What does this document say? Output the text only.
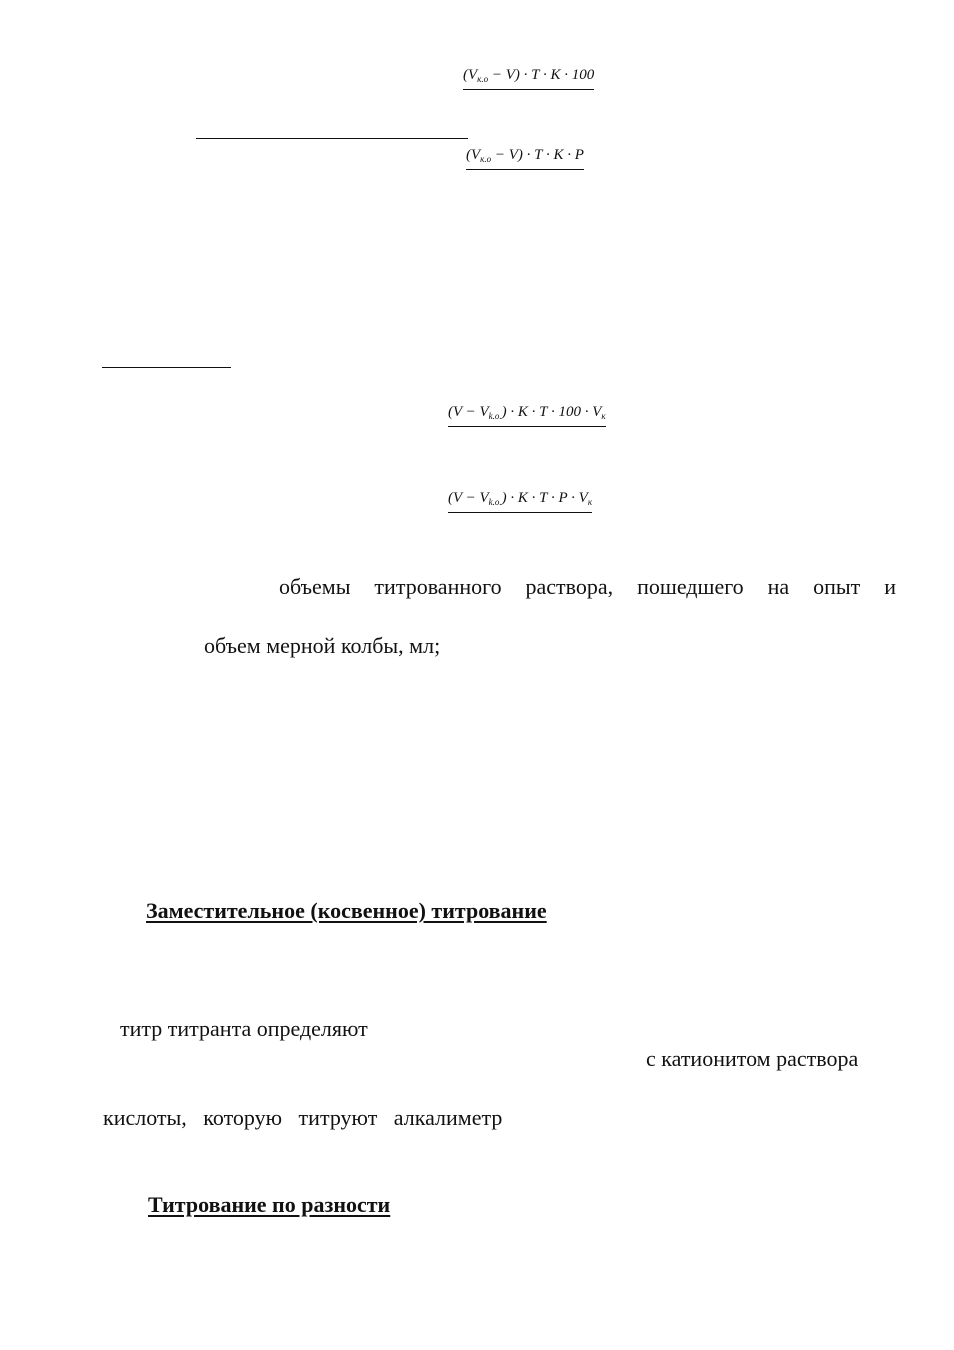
$(V_{к.о} - V) \cdot T \cdot K \cdot 100$
$(V_{к.о} - V) \cdot T \cdot K \cdot P$
$(V - V_{k.o.}) \cdot K \cdot T \cdot 100 \cdot V_к$
$(V - V_{k.o.}) \cdot K \cdot T \cdot P \cdot V_к$
объемы титрованного раствора, пошедшего на опыт и
объем мерной колбы, мл;
Заместительное (косвенное) титрование
титр титранта определяют
с катионитом раствора
кислоты,   которую   титруют   алкалиметр
Титрование по разности
